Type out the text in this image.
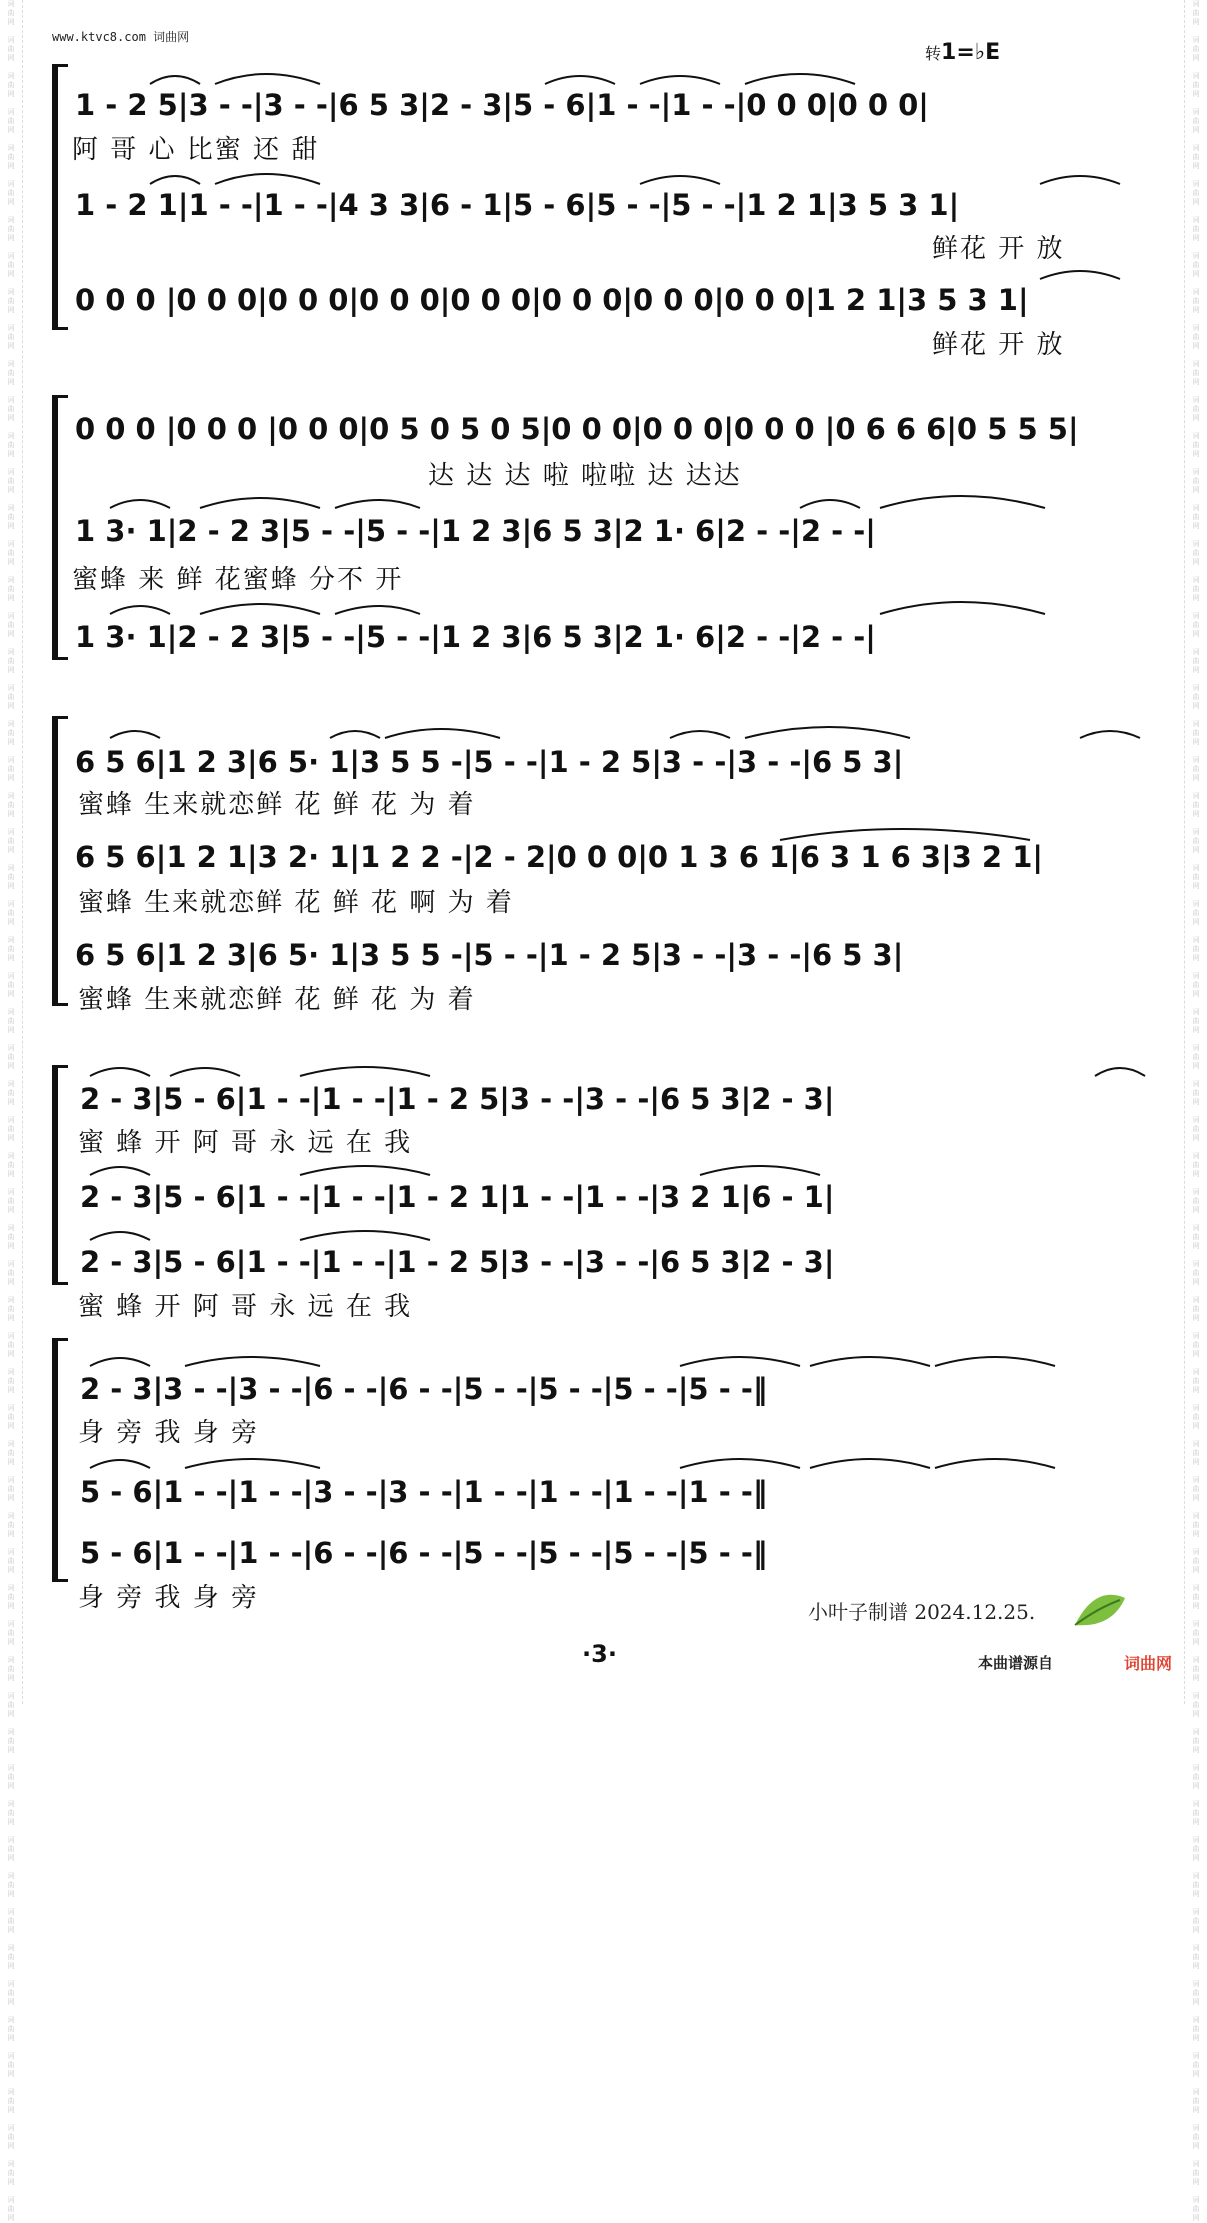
词
曲
网

词
曲
网

词
曲
网

词
曲
网

词
曲
网

词
曲
网

词
曲
网

词
曲
网

词
曲
网

词
曲
网

词
曲
网

词
曲
网

词
曲
网

词
曲
网

词
曲
网

词
曲
网

词
曲
网

词
曲
网

词
曲
网

词
曲
网

词
曲
网

词
曲
网

词
曲
网

词
曲
网

词
曲
网

词
曲
网

词
曲
网

词
曲
网

词
曲
网

词
曲
网

词
曲
网

词
曲
网

词
曲
网

词
曲
网

词
曲
网

词
曲
网

词
曲
网

词
曲
网

词
曲
网

词
曲
网

词
曲
网

词
曲
网

词
曲
网

词
曲
网

词
曲
网

词
曲
网

词
曲
网

词
曲
网

词
曲
网

词
曲
网

词
曲
网

词
曲
网

词
曲
网

词
曲
网

词
曲
网

词
曲
网

词
曲
网

词
曲
网

词
曲
网

词
曲
网

词
曲
网

词
曲
网

词
曲
网

词
曲
网

词
曲
网

词
曲
网

词
曲
网

词
曲
网

词
曲
网

词
曲
网

词
曲
网

词
曲
网

词
曲
网

词
曲
网

词
曲
网

词
曲
网

词
曲
网

词
曲
网

词
曲
网

词
曲
网

词
曲
网

词
曲
网

词
曲
网

词
曲
网

词
曲
网

词
曲
网

词
曲
网

词
曲
网

词
曲
网

词
曲
网

词
曲
网

词
曲
网

词
曲
网

词
曲
网

词
曲
网

词
曲
网

词
曲
网

词
曲
网

词
曲
网

词
曲
网

词
曲
网

词
曲
网

词
曲
网

词
曲
网

词
曲
网

词
曲
网

词
曲
网

词
曲
网

词
曲
网

词
曲
网

词
曲
网

词
曲
网

词
曲
网

词
曲
网

词
曲
网

词
曲
网

词
曲
网

词
曲
网

词
曲
网

词
曲
网

词
曲
网

词
曲
网

词
曲
网

词
曲
网

www.ktvc8.com 词曲网
转1=♭E
1 - 2 5|3 - -|3 - -|6 5 3|2 - 3|5 - 6|1 - -|1 - -|0 0 0|0 0 0|
阿 哥 心 比蜜 还 甜
1 - 2 1|1 - -|1 - -|4 3 3|6 - 1|5 - 6|5 - -|5 - -|1 2 1|3 5 3 1|
鲜花 开 放
0 0 0 |0 0 0|0 0 0|0 0 0|0 0 0|0 0 0|0 0 0|0 0 0|1 2 1|3 5 3 1|
鲜花 开 放
0 0 0 |0 0 0 |0 0 0|0 5 0 5 0 5|0 0 0|0 0 0|0 0 0 |0 6 6 6|0 5 5 5|
达 达 达 啦 啦啦 达 达达
1 3· 1|2 - 2 3|5 - -|5 - -|1 2 3|6 5 3|2 1· 6|2 - -|2 - -|
蜜蜂 来 鲜 花蜜蜂 分不 开
1 3· 1|2 - 2 3|5 - -|5 - -|1 2 3|6 5 3|2 1· 6|2 - -|2 - -|
6 5 6|1 2 3|6 5· 1|3 5 5 -|5 - -|1 - 2 5|3 - -|3 - -|6 5 3|
蜜蜂 生来就恋鲜 花 鲜 花 为 着
6 5 6|1 2 1|3 2· 1|1 2 2 -|2 - 2|0 0 0|0 1 3 6 1|6 3 1 6 3|3 2 1|
蜜蜂 生来就恋鲜 花 鲜 花 啊 为 着
6 5 6|1 2 3|6 5· 1|3 5 5 -|5 - -|1 - 2 5|3 - -|3 - -|6 5 3|
蜜蜂 生来就恋鲜 花 鲜 花 为 着
2 - 3|5 - 6|1 - -|1 - -|1 - 2 5|3 - -|3 - -|6 5 3|2 - 3|
蜜 蜂 开 阿 哥 永 远 在 我
2 - 3|5 - 6|1 - -|1 - -|1 - 2 1|1 - -|1 - -|3 2 1|6 - 1|
2 - 3|5 - 6|1 - -|1 - -|1 - 2 5|3 - -|3 - -|6 5 3|2 - 3|
蜜 蜂 开 阿 哥 永 远 在 我
2 - 3|3 - -|3 - -|6 - -|6 - -|5 - -|5 - -|5 - -|5 - -‖
身 旁 我 身 旁
5 - 6|1 - -|1 - -|3 - -|3 - -|1 - -|1 - -|1 - -|1 - -‖
5 - 6|1 - -|1 - -|6 - -|6 - -|5 - -|5 - -|5 - -|5 - -‖
身 旁 我 身 旁
·3·
小叶子制谱 2024.12.25.
本曲谱源自	词曲网
